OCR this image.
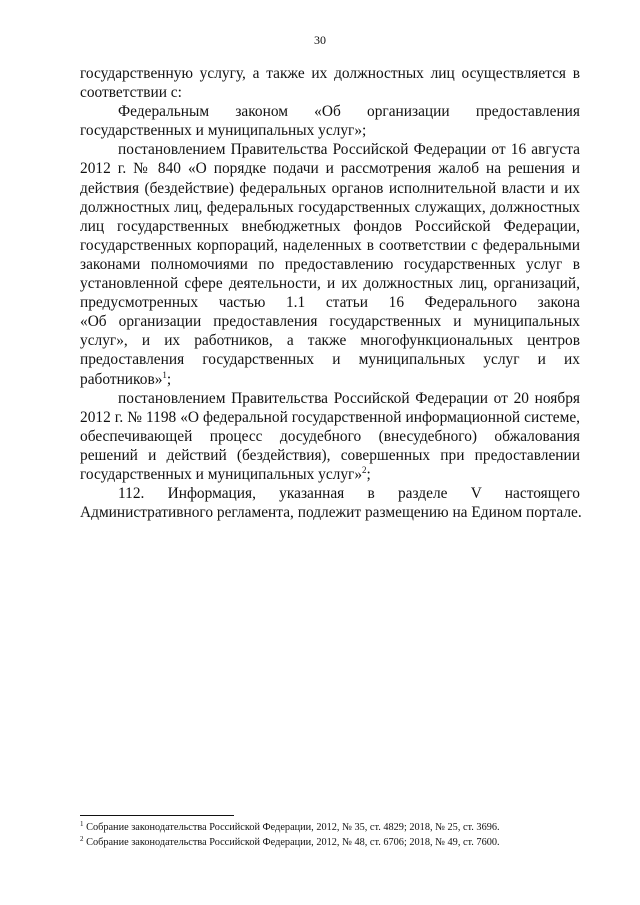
30
государственную услугу, а также их должностных лиц осуществляется в
соответствии с:
Федеральным законом «Об организации предоставления
государственных и муниципальных услуг»;
постановлением Правительства Российской Федерации от 16 августа
2012 г. № 840 «О порядке подачи и рассмотрения жалоб на решения и
действия (бездействие) федеральных органов исполнительной власти и их
должностных лиц, федеральных государственных служащих, должностных
лиц государственных внебюджетных фондов Российской Федерации,
государственных корпораций, наделенных в соответствии с федеральными
законами полномочиями по предоставлению государственных услуг в
установленной сфере деятельности, и их должностных лиц, организаций,
предусмотренных частью 1.1 статьи 16 Федерального закона
«Об организации предоставления государственных и муниципальных
услуг», и их работников, а также многофункциональных центров
предоставления государственных и муниципальных услуг и их
работников»$^1$;
постановлением Правительства Российской Федерации от 20 ноября
2012 г. № 1198 «О федеральной государственной информационной системе,
обеспечивающей процесс досудебного (внесудебного) обжалования
решений и действий (бездействия), совершенных при предоставлении
государственных и муниципальных услуг»$^2$;
112. Информация, указанная в разделе V настоящего
Административного регламента, подлежит размещению на Едином портале.
$^1$ Собрание законодательства Российской Федерации, 2012, № 35, ст. 4829; 2018, № 25, ст. 3696.
$^2$ Собрание законодательства Российской Федерации, 2012, № 48, ст. 6706; 2018, № 49, ст. 7600.
